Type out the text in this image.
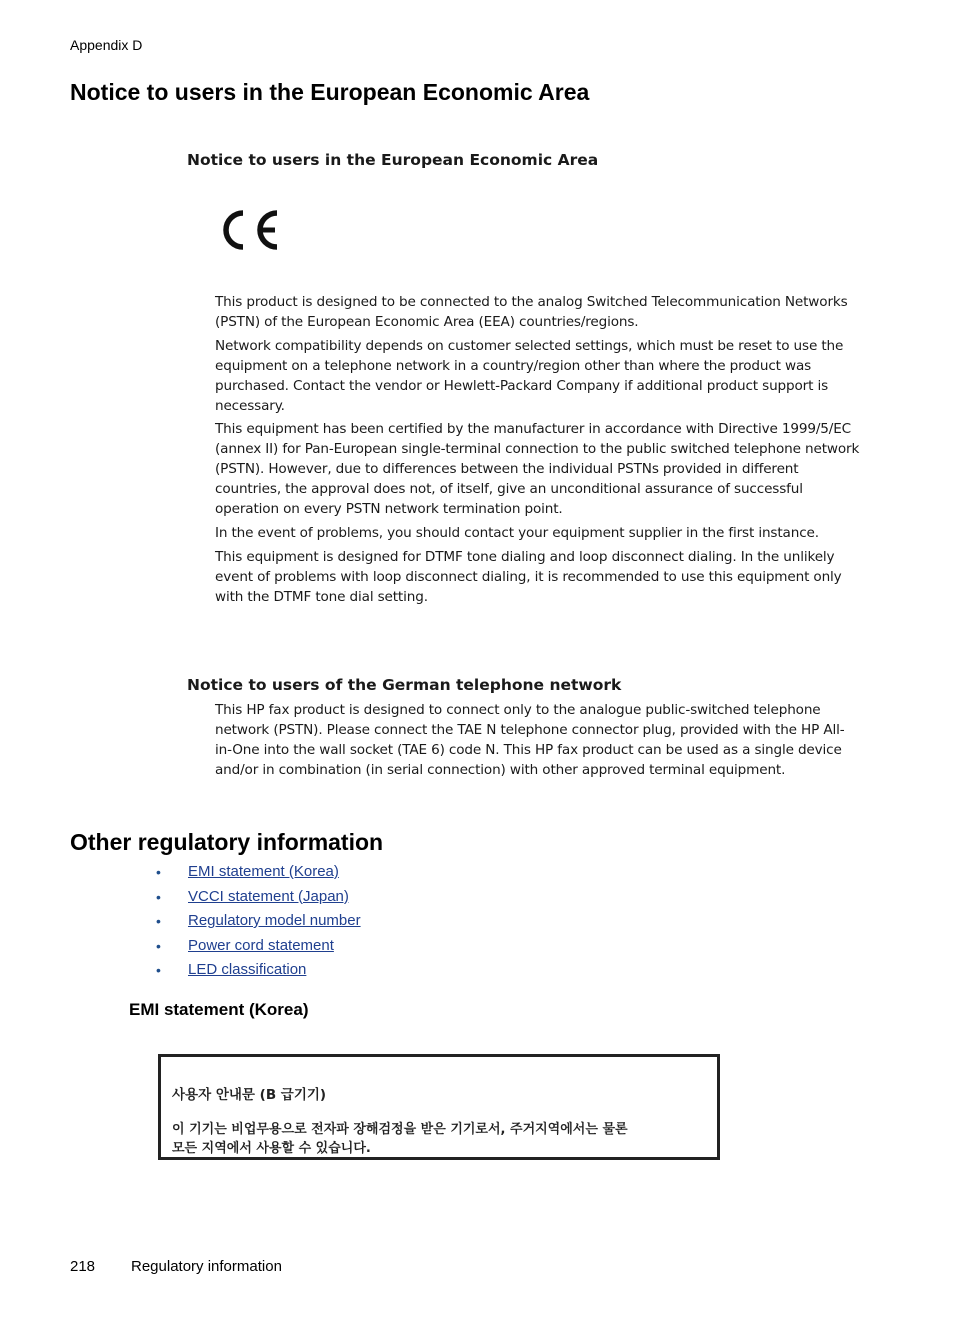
Appendix D
Notice to users in the European Economic Area
Notice to users in the European Economic Area
This product is designed to be connected to the analog Switched Telecommunication Networks
(PSTN) of the European Economic Area (EEA) countries/regions.
Network compatibility depends on customer selected settings, which must be reset to use the
equipment on a telephone network in a country/region other than where the product was
purchased. Contact the vendor or Hewlett-Packard Company if additional product support is
necessary.
This equipment has been certified by the manufacturer in accordance with Directive 1999/5/EC
(annex II) for Pan-European single-terminal connection to the public switched telephone network
(PSTN). However, due to differences between the individual PSTNs provided in different
countries, the approval does not, of itself, give an unconditional assurance of successful
operation on every PSTN network termination point.
In the event of problems, you should contact your equipment supplier in the first instance.
This equipment is designed for DTMF tone dialing and loop disconnect dialing. In the unlikely
event of problems with loop disconnect dialing, it is recommended to use this equipment only
with the DTMF tone dial setting.
Notice to users of the German telephone network
This HP fax product is designed to connect only to the analogue public-switched telephone
network (PSTN). Please connect the TAE N telephone connector plug, provided with the HP All-
in-One into the wall socket (TAE 6) code N. This HP fax product can be used as a single device
and/or in combination (in serial connection) with other approved terminal equipment.
Other regulatory information
•	EMI statement (Korea)
•	VCCI statement (Japan)
•	Regulatory model number
•	Power cord statement
•	LED classification
EMI statement (Korea)
사용자 안내문 (B 급기기)
이 기기는 비업무용으로 전자파 장해검정을 받은 기기로서, 주거지역에서는 물론
모든 지역에서 사용할 수 있습니다.
218 Regulatory information
